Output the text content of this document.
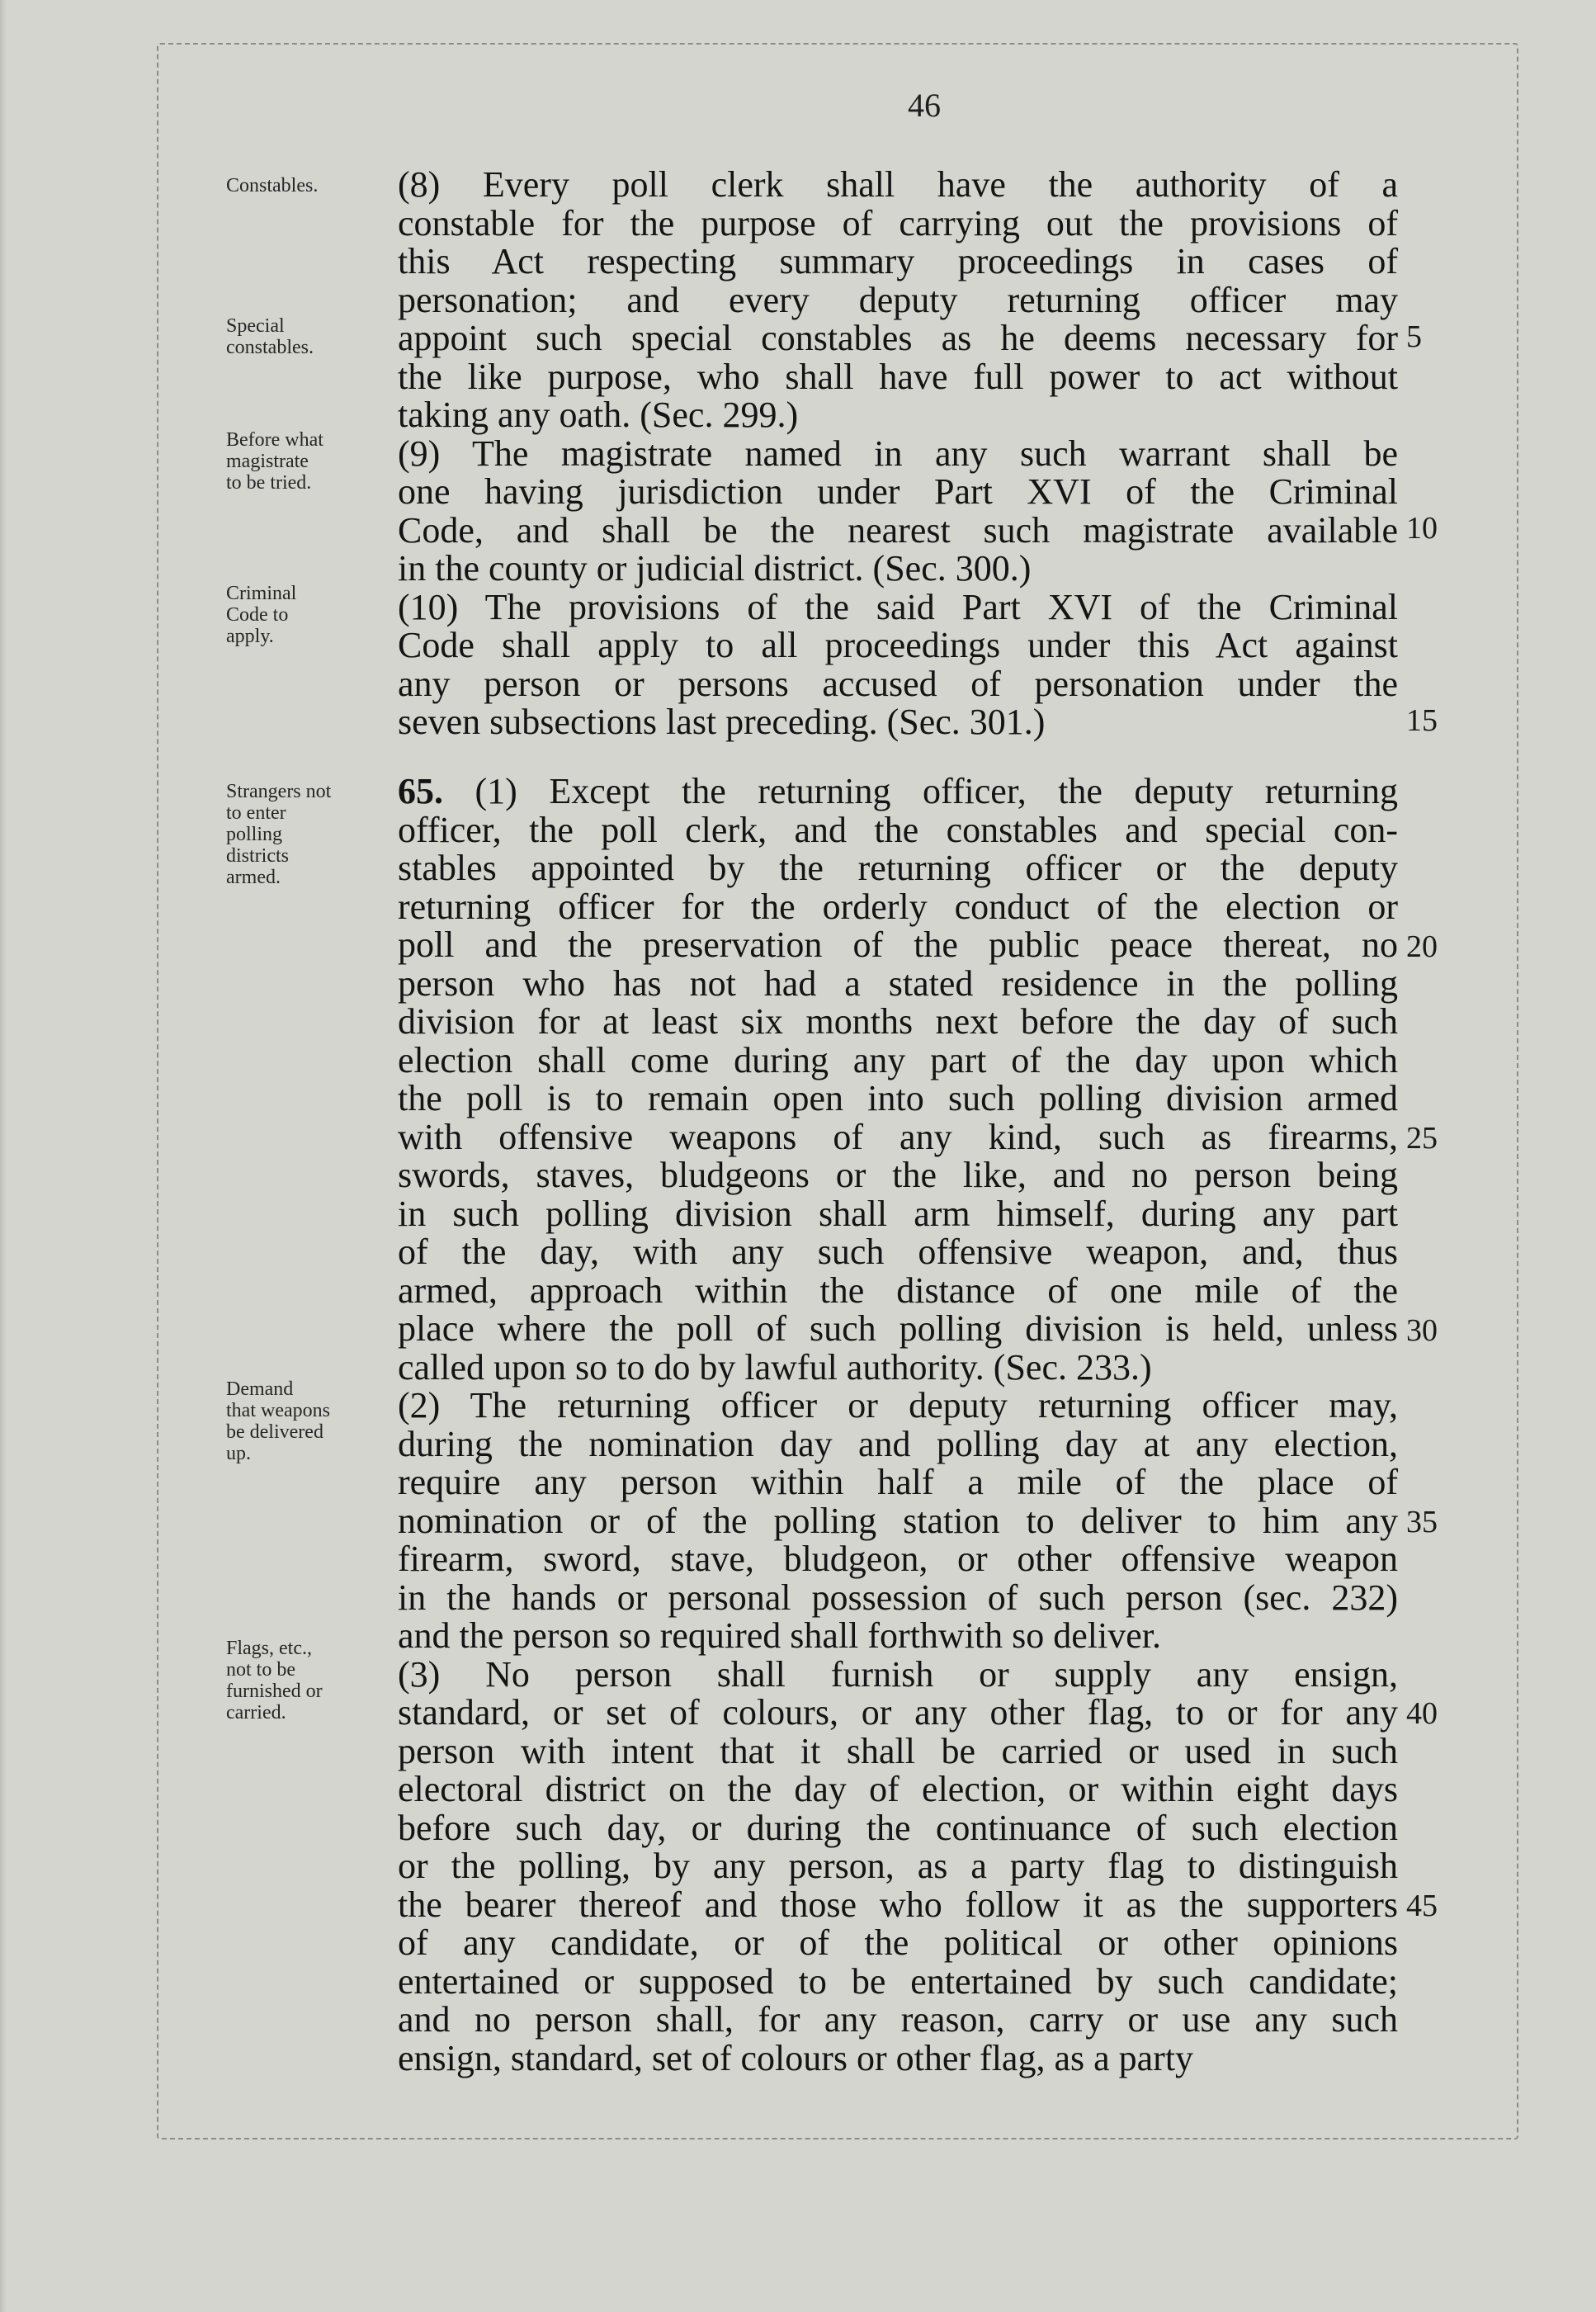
46
Constables.
Special
constables.
Before what
magistrate
to be tried.
Criminal
Code to
apply.
Strangers not
to enter
polling
districts
armed.
Demand
that weapons
be delivered
up.
Flags, etc.,
not to be
furnished or
carried.
(8) Every poll clerk shall have the authority of a
constable for the purpose of carrying out the provisions of
this Act respecting summary proceedings in cases of
personation; and every deputy returning officer may
appoint such special constables as he deems necessary for
the like purpose, who shall have full power to act without
taking any oath. (Sec. 299.)
(9) The magistrate named in any such warrant shall be
one having jurisdiction under Part XVI of the Criminal
Code, and shall be the nearest such magistrate available
in the county or judicial district. (Sec. 300.)
(10) The provisions of the said Part XVI of the Criminal
Code shall apply to all proceedings under this Act against
any person or persons accused of personation under the
seven subsections last preceding. (Sec. 301.)
65. (1) Except the returning officer, the deputy returning
officer, the poll clerk, and the constables and special con-
stables appointed by the returning officer or the deputy
returning officer for the orderly conduct of the election or
poll and the preservation of the public peace thereat, no
person who has not had a stated residence in the polling
division for at least six months next before the day of such
election shall come during any part of the day upon which
the poll is to remain open into such polling division armed
with offensive weapons of any kind, such as firearms,
swords, staves, bludgeons or the like, and no person being
in such polling division shall arm himself, during any part
of the day, with any such offensive weapon, and, thus
armed, approach within the distance of one mile of the
place where the poll of such polling division is held, unless
called upon so to do by lawful authority. (Sec. 233.)
(2) The returning officer or deputy returning officer may,
during the nomination day and polling day at any election,
require any person within half a mile of the place of
nomination or of the polling station to deliver to him any
firearm, sword, stave, bludgeon, or other offensive weapon
in the hands or personal possession of such person (sec. 232)
and the person so required shall forthwith so deliver.
(3) No person shall furnish or supply any ensign,
standard, or set of colours, or any other flag, to or for any
person with intent that it shall be carried or used in such
electoral district on the day of election, or within eight days
before such day, or during the continuance of such election
or the polling, by any person, as a party flag to distinguish
the bearer thereof and those who follow it as the supporters
of any candidate, or of the political or other opinions
entertained or supposed to be entertained by such candidate;
and no person shall, for any reason, carry or use any such
ensign, standard, set of colours or other flag, as a party
5
10
15
20
25
30
35
40
45
